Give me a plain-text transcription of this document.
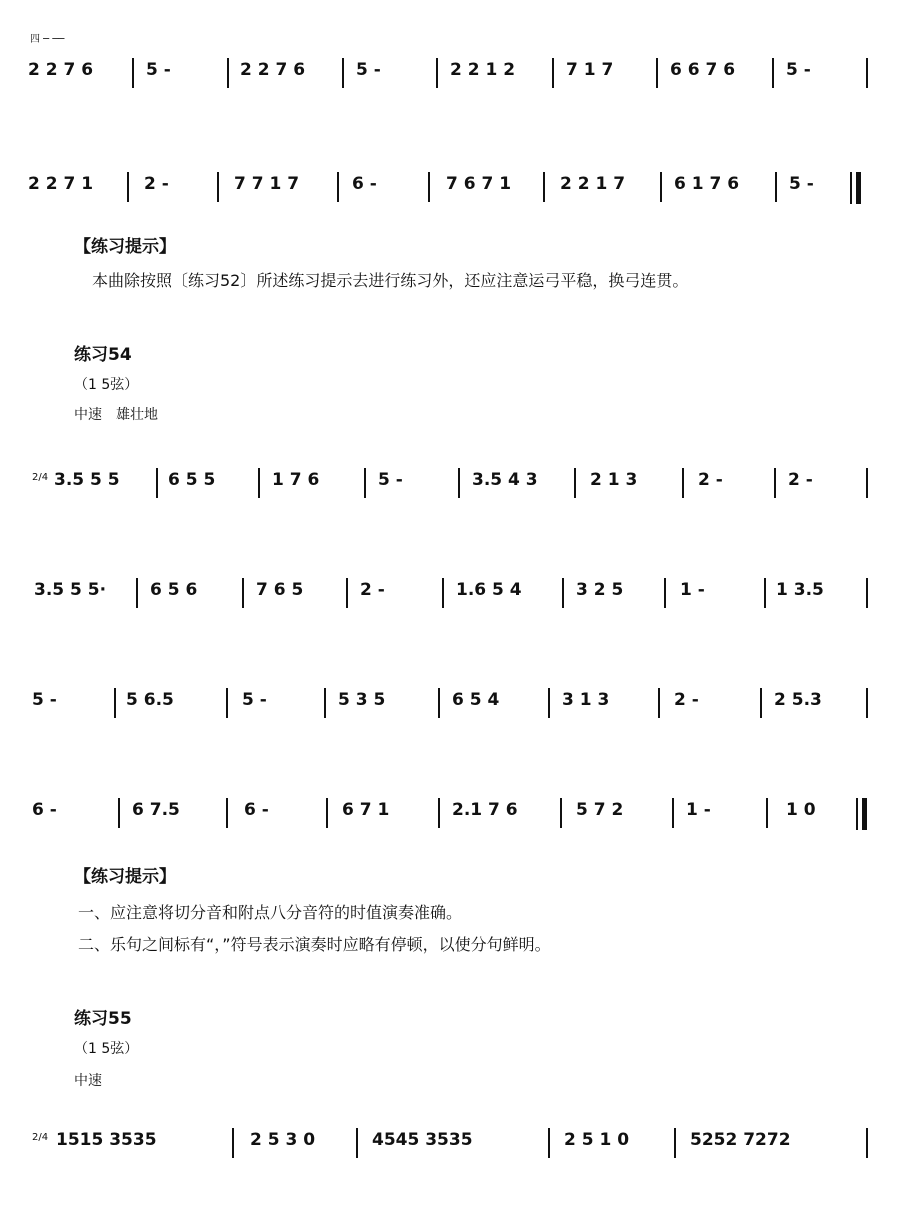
四 ─ ──
2 2 7 6	5 -	2 2 7 6	5 -	2 2 1 2	7 1 7	6 6 7 6	5 -
2 2 7 1	2 -	7 7 1 7	6 -	7 6 7 1	2 2 1 7	6 1 7 6	5 -
【练习提示】
本曲除按照〔练习52〕所述练习提示去进行练习外，还应注意运弓平稳，换弓连贯。
练习54
（1 5弦）
中速　雄壮地
2/4 3.5 5 5	6 5 5	1 7 6	5 -	3.5 4 3	2 1 3	2 -	2 -
3.5 5 5·	6 5 6	7 6 5	2 -	1.6 5 4	3 2 5	1 -	1 3.5
5 -	5 6.5	5 -	5 3 5	6 5 4	3 1 3	2 -	2 5.3
6 -	6 7.5	6 -	6 7 1	2.1 7 6	5 7 2	1 -	1 0
【练习提示】
一、应注意将切分音和附点八分音符的时值演奏准确。
二、乐句之间标有“，”符号表示演奏时应略有停顿，以使分句鲜明。
练习55
（1 5弦）
中速
2/4 1515 3535	2 5 3 0	4545 3535	2 5 1 0	5252 7272
